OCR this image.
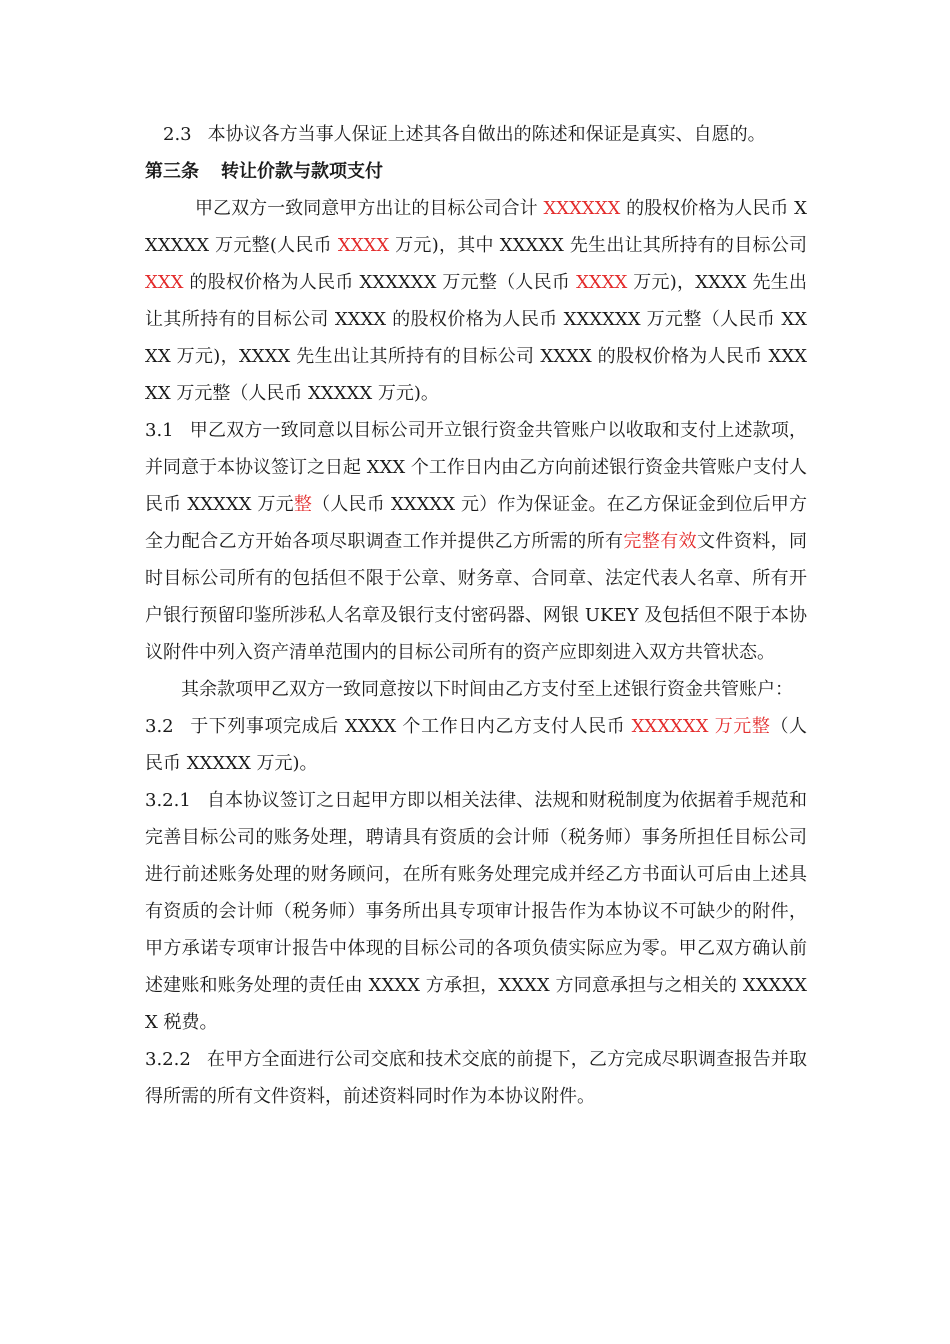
2.3 本协议各方当事人保证上述其各自做出的陈述和保证是真实、自愿的。

第三条 转让价款与款项支付

甲乙双方一致同意甲方出让的目标公司合计 XXXXXX 的股权价格为人民币 XXXXXX 万元整(人民币 XXXX 万元)，其中 XXXXX 先生出让其所持有的目标公司 XXX 的股权价格为人民币 XXXXXX 万元整（人民币 XXXX 万元)，XXXX 先生出让其所持有的目标公司 XXXX 的股权价格为人民币 XXXXXX 万元整（人民币 XXXX 万元)，XXXX 先生出让其所持有的目标公司 XXXX 的股权价格为人民币 XXXXX 万元整（人民币 XXXXX 万元)。

3.1 甲乙双方一致同意以目标公司开立银行资金共管账户以收取和支付上述款项，并同意于本协议签订之日起 XXX 个工作日内由乙方向前述银行资金共管账户支付人民币 XXXXX 万元整（人民币 XXXXX 元）作为保证金。在乙方保证金到位后甲方全力配合乙方开始各项尽职调查工作并提供乙方所需的所有完整有效文件资料，同时目标公司所有的包括但不限于公章、财务章、合同章、法定代表人名章、所有开户银行预留印鉴所涉私人名章及银行支付密码器、网银 UKEY 及包括但不限于本协议附件中列入资产清单范围内的目标公司所有的资产应即刻进入双方共管状态。

其余款项甲乙双方一致同意按以下时间由乙方支付至上述银行资金共管账户：

3.2 于下列事项完成后 XXXX 个工作日内乙方支付人民币 XXXXXX 万元整（人民币 XXXXX 万元)。

3.2.1 自本协议签订之日起甲方即以相关法律、法规和财税制度为依据着手规范和完善目标公司的账务处理，聘请具有资质的会计师（税务师）事务所担任目标公司进行前述账务处理的财务顾问，在所有账务处理完成并经乙方书面认可后由上述具有资质的会计师（税务师）事务所出具专项审计报告作为本协议不可缺少的附件，甲方承诺专项审计报告中体现的目标公司的各项负债实际应为零。甲乙双方确认前述建账和账务处理的责任由 XXXX 方承担，XXXX 方同意承担与之相关的 XXXXXX 税费。

3.2.2 在甲方全面进行公司交底和技术交底的前提下，乙方完成尽职调查报告并取得所需的所有文件资料，前述资料同时作为本协议附件。
